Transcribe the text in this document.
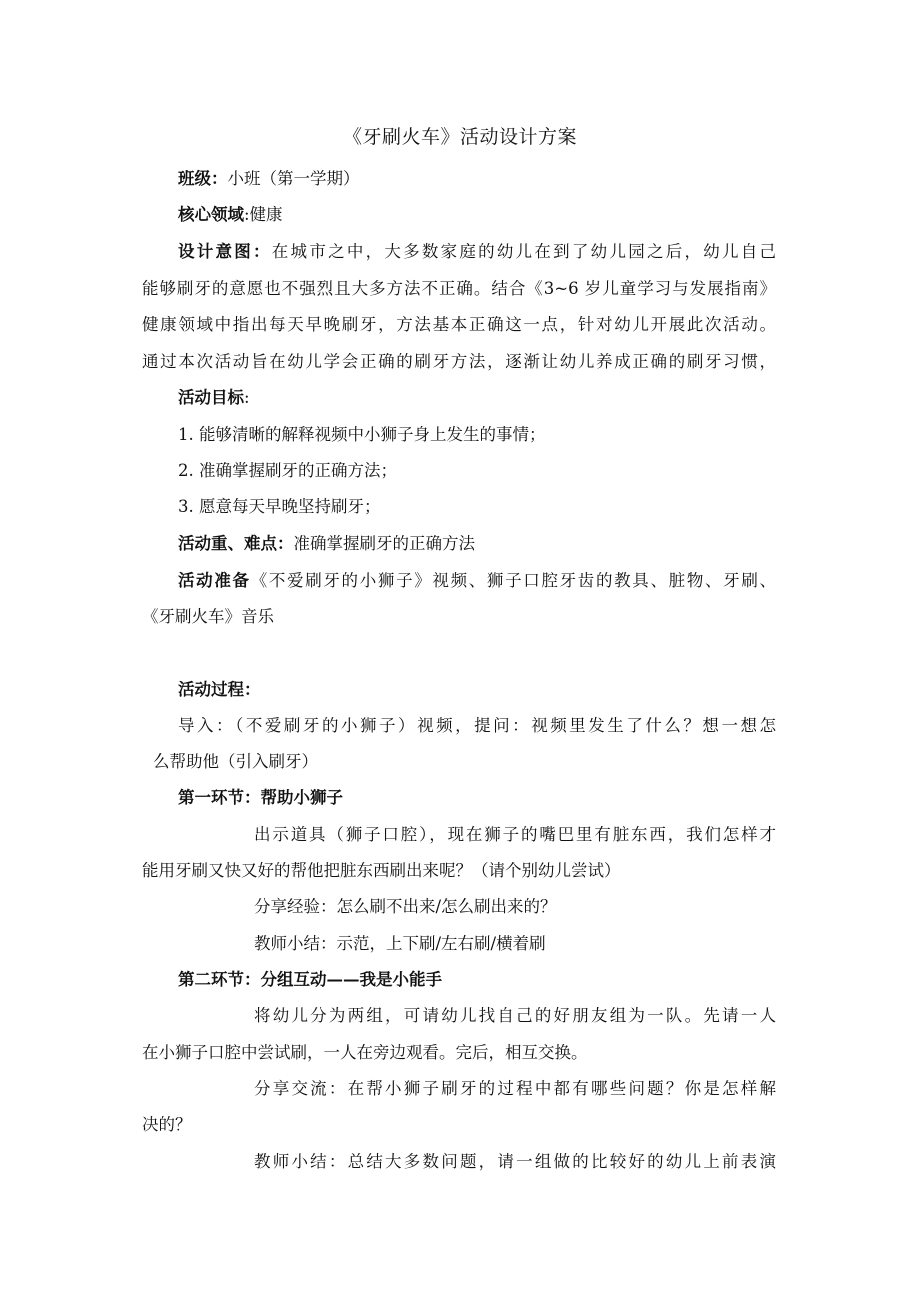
《牙刷火车》活动设计方案
班级：小班（第一学期）
核心领域:健康
设计意图：在城市之中，大多数家庭的幼儿在到了幼儿园之后，幼儿自己
能够刷牙的意愿也不强烈且大多方法不正确。结合《3~6 岁儿童学习与发展指南》
健康领域中指出每天早晚刷牙，方法基本正确这一点，针对幼儿开展此次活动。
通过本次活动旨在幼儿学会正确的刷牙方法，逐渐让幼儿养成正确的刷牙习惯，
活动目标:
1. 能够清晰的解释视频中小狮子身上发生的事情；
2. 准确掌握刷牙的正确方法；
3. 愿意每天早晚坚持刷牙；
活动重、难点：准确掌握刷牙的正确方法
活动准备《不爱刷牙的小狮子》视频、狮子口腔牙齿的教具、脏物、牙刷、
《牙刷火车》音乐
活动过程：
导入：（不爱刷牙的小狮子）视频，提问：视频里发生了什么？想一想怎
么帮助他（引入刷牙）
第一环节：帮助小狮子
出示道具（狮子口腔），现在狮子的嘴巴里有脏东西，我们怎样才
能用牙刷又快又好的帮他把脏东西刷出来呢？（请个别幼儿尝试）
分享经验：怎么刷不出来/怎么刷出来的？
教师小结：示范，上下刷/左右刷/横着刷
第二环节：分组互动——我是小能手
将幼儿分为两组，可请幼儿找自己的好朋友组为一队。先请一人
在小狮子口腔中尝试刷，一人在旁边观看。完后，相互交换。
分享交流：在帮小狮子刷牙的过程中都有哪些问题？你是怎样解
决的？
教师小结：总结大多数问题，请一组做的比较好的幼儿上前表演
